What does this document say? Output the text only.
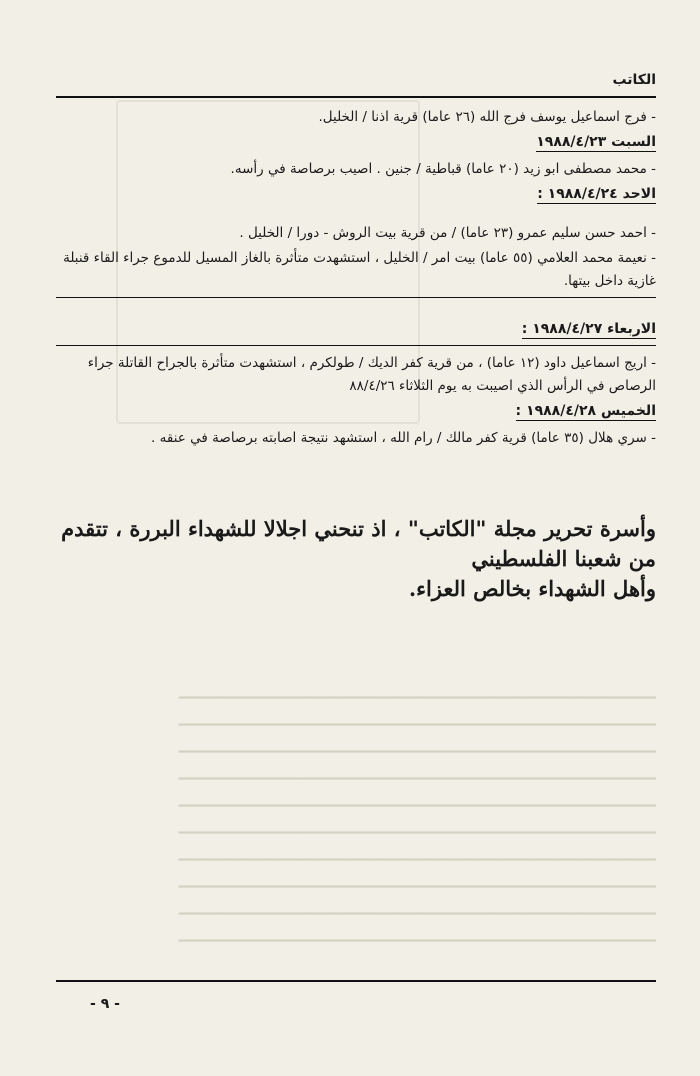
الكاتب
- فرج اسماعيل يوسف فرج الله (٢٦ عاما) قرية اذنا / الخليل.
السبت ١٩٨٨/٤/٢٣
- محمد مصطفى ابو زيد (٢٠ عاما) قباطية / جنين . اصيب برصاصة في رأسه.
الاحد ١٩٨٨/٤/٢٤ :
- احمد حسن سليم عمرو (٢٣ عاما) / من قرية بيت الروش - دورا / الخليل .
- نعيمة محمد العلامي (٥٥ عاما) بيت امر / الخليل ، استشهدت متأثرة بالغاز المسيل للدموع جراء القاء قنبلة غازية داخل بيتها.
الاربعاء ١٩٨٨/٤/٢٧ :
- اريج اسماعيل داود (١٢ عاما) ، من قرية كفر الديك / طولكرم ، استشهدت متأثرة بالجراح القاتلة جراء الرصاص في الرأس الذي اصيبت به يوم الثلاثاء ٨٨/٤/٢٦
الخميس ١٩٨٨/٤/٢٨ :
- سري هلال (٣٥ عاما) قرية كفر مالك / رام الله ، استشهد نتيجة اصابته برصاصة في عنقه .
وأسرة تحرير مجلة "الكاتب" ، اذ تنحني اجلالا للشهداء البررة ، تتقدم من شعبنا الفلسطيني
وأهل الشهداء بخالص العزاء.
━━━━━━━━━━━━━━━━━━━━━━━━━━━━━━━━━━━━━━━━━━━━━━━━━━━━━━━━━━━━━
━━━━━━━━━━━━━━━━━━━━━━━━━━━━━━━━━━━━━━━━━━━━━━━━━━━━━━━━━━━━━
━━━━━━━━━━━━━━━━━━━━━━━━━━━━━━━━━━━━━━━━━━━━━━━━━━━━━━━━━━━━━
━━━━━━━━━━━━━━━━━━━━━━━━━━━━━━━━━━━━━━━━━━━━━━━━━━━━━━━━━━━━━
━━━━━━━━━━━━━━━━━━━━━━━━━━━━━━━━━━━━━━━━━━━━━━━━━━━━━━━━━━━━━
━━━━━━━━━━━━━━━━━━━━━━━━━━━━━━━━━━━━━━━━━━━━━━━━━━━━━━━━━━━━━
━━━━━━━━━━━━━━━━━━━━━━━━━━━━━━━━━━━━━━━━━━━━━━━━━━━━━━━━━━━━━
━━━━━━━━━━━━━━━━━━━━━━━━━━━━━━━━━━━━━━━━━━━━━━━━━━━━━━━━━━━━━
━━━━━━━━━━━━━━━━━━━━━━━━━━━━━━━━━━━━━━━━━━━━━━━━━━━━━━━━━━━━━
━━━━━━━━━━━━━━━━━━━━━━━━━━━━━━━━━━━━━━━━━━━━━━━━━━━━━━━━━━━━━
- ٩ -
